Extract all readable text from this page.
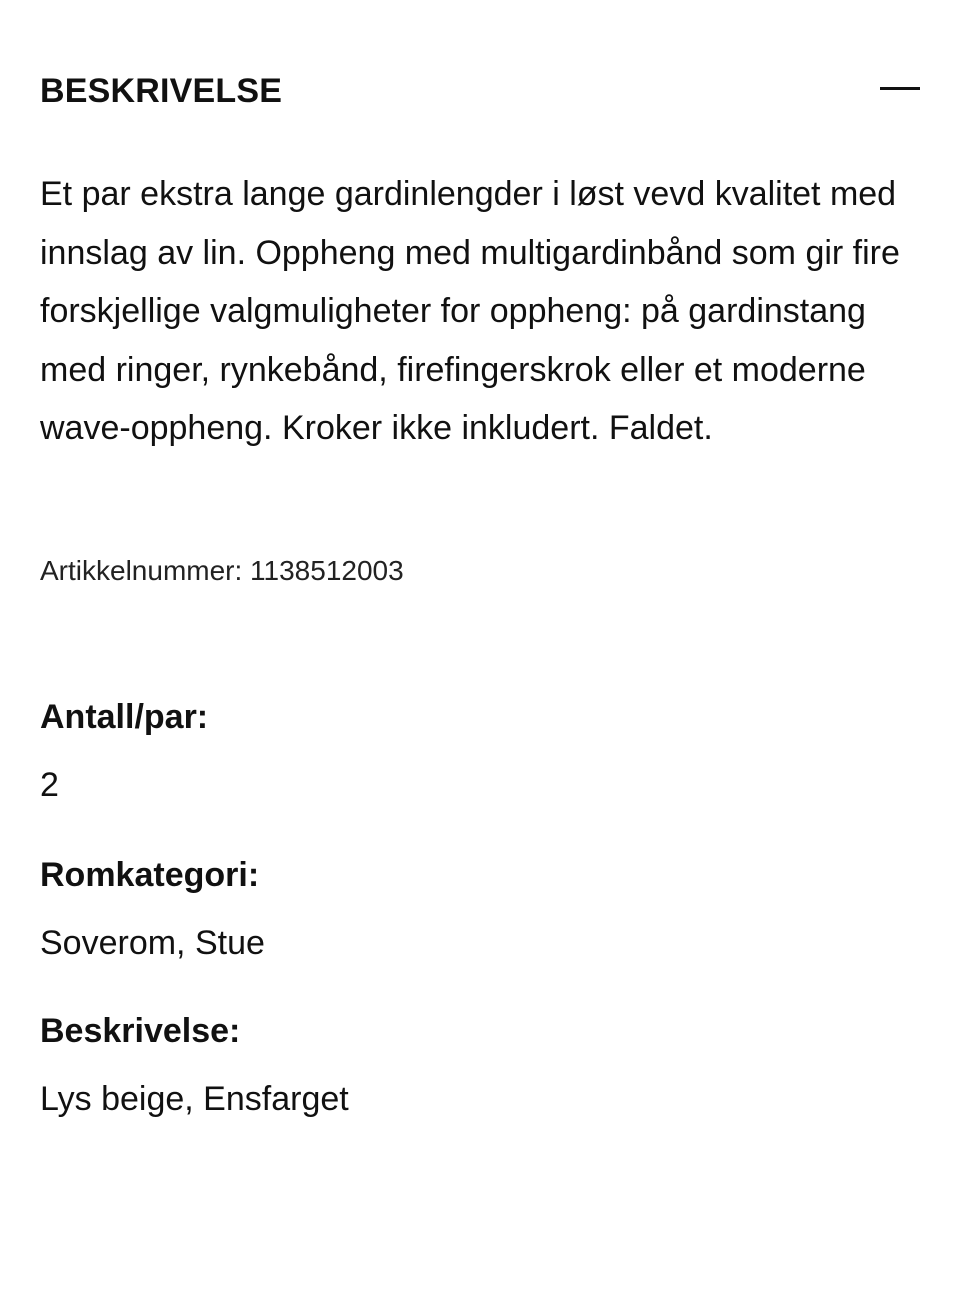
BESKRIVELSE

Et par ekstra lange gardinlengder i løst vevd kvalitet med innslag av lin. Oppheng med multigardinbånd som gir fire forskjellige valgmuligheter for oppheng: på gardinstang med ringer, rynkebånd, firefingerskrok eller et moderne wave-oppheng. Kroker ikke inkludert. Faldet.

Artikkelnummer: 1138512003
Antall/par:
2
Romkategori:
Soverom, Stue
Beskrivelse:
Lys beige, Ensfarget
